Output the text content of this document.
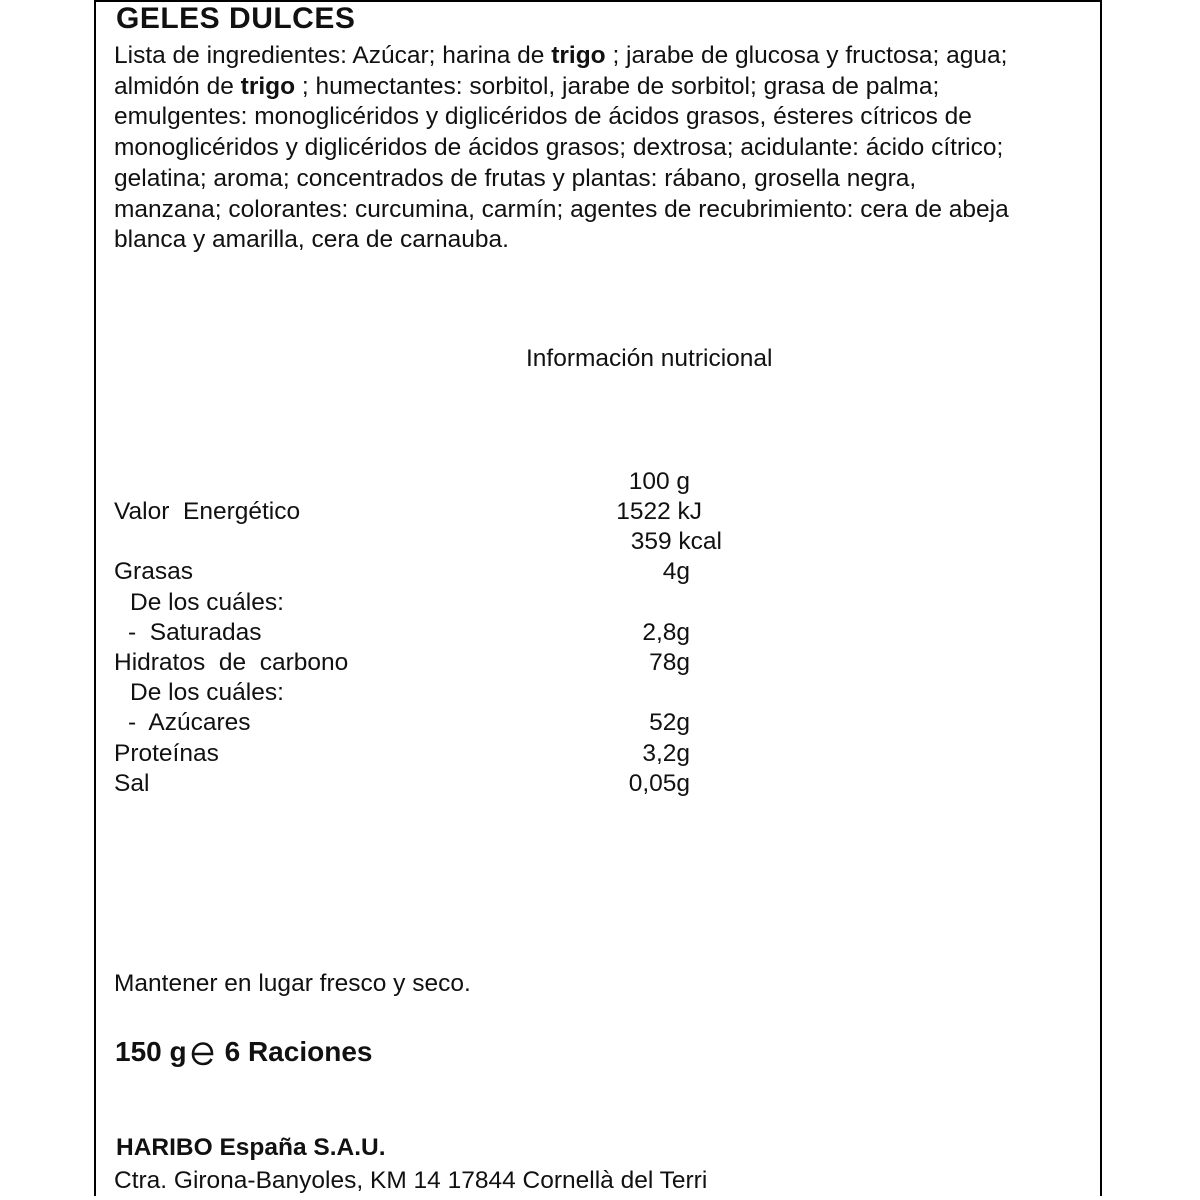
GELES DULCES
Lista de ingredientes: Azúcar; harina de trigo ; jarabe de glucosa y fructosa; agua; almidón de trigo ; humectantes: sorbitol, jarabe de sorbitol; grasa de palma; emulgentes: monoglicéridos y diglicéridos de ácidos grasos, ésteres cítricos de monoglicéridos y diglicéridos de ácidos grasos; dextrosa; acidulante: ácido cítrico; gelatina; aroma; concentrados de frutas y plantas: rábano, grosella negra, manzana; colorantes: curcumina, carmín; agentes de recubrimiento: cera de abeja blanca y amarilla, cera de carnauba.
Información nutricional
100 g
Valor  Energético	1522 kJ
359 kcal
Grasas	4g
De los cuáles:
-  Saturadas	2,8g
Hidratos  de  carbono	78g
De los cuáles:
-  Azúcares	52g
Proteínas	3,2g
Sal	0,05g
Mantener en lugar fresco y seco.
150 g 6 Raciones
HARIBO España S.A.U.
Ctra. Girona-Banyoles, KM 14 17844 Cornellà del Terri
